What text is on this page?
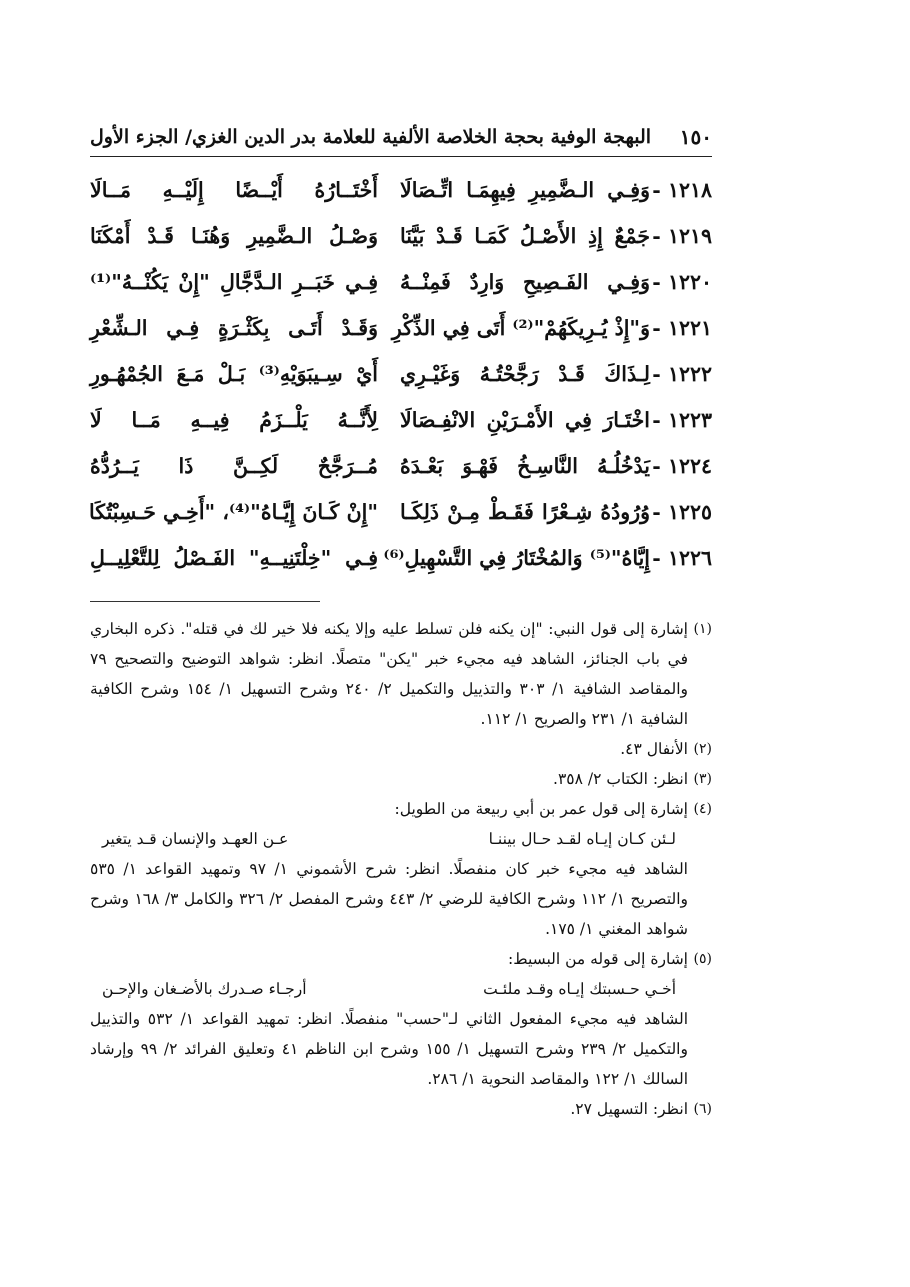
١٥٠
البهجة الوفية بحجة الخلاصة الألفية للعلامة بدر الدين الغزي/ الجزء الأول
١٢١٨ -
وَفِـي الـضَّمِيرِ فِيهِمَـا اتِّـصَالَا
أَخْتَــارُهُ أَيْــضًا إِلَيْــهِ مَــالَا
١٢١٩ -
جَمْعٌ إِذِ الأَصْـلُ كَمَـا قَـدْ بَيَّنَا
وَصْـلُ الـضَّمِيرِ وَهُنَـا قَـدْ أَمْكَنَا
١٢٢٠ -
وَفِـي الفَـصِيحِ وَارِدٌ فَمِنْــهُ
فِـي خَبَــرِ الـدَّجَّالِ "إِنْ يَكُنْــهُ"⁽¹⁾
١٢٢١ -
وَ"إِذْ يُـرِيكَهُمْ"⁽²⁾ أَتَى فِي الذِّكْرِ
وَقَـدْ أَتَـى بِكَثْـرَةٍ فِـي الـشِّعْرِ
١٢٢٢ -
لِـذَاكَ قَـدْ رَجَّحْتُـهُ وَغَيْـرِي
أَيْ سِـيبَوَيْهِ⁽³⁾ بَـلْ مَـعَ الجُمْهُـورِ
١٢٢٣ -
اخْتَـارَ فِي الأَمْـرَيْنِ الانْفِـصَالَا
لِأَنَّــهُ يَلْــزَمُ فِيــهِ مَــا لَا
١٢٢٤ -
يَدْخُلُـهُ النَّاسِـخُ فَهْـوَ بَعْـدَهُ
مُــرَجَّحٌ لَكِــنَّ ذَا يَــرُدُّهُ
١٢٢٥ -
وُرُودُهُ شِـعْرًا فَقَـطْ مِـنْ ذَلِكَـا
"إِنْ كَـانَ إِيَّـاهُ"⁽⁴⁾، "أَخِـي حَـسِبْتُكَا
١٢٢٦ -
إِيَّاهُ"⁽⁵⁾ وَالمُخْتَارُ فِي التَّسْهِيلِ⁽⁶⁾
فِـي "خِلْتَنِيــهِ" الفَـصْلُ لِلتَّعْلِيــلِ
(١)
إشارة إلى قول النبي: "إن يكنه فلن تسلط عليه وإلا يكنه فلا خير لك في قتله". ذكره البخاري في باب الجنائز، الشاهد فيه مجيء خبر "يكن" متصلًا. انظر: شواهد التوضيح والتصحيح ٧٩ والمقاصد الشافية ١/ ٣٠٣ والتذييل والتكميل ٢/ ٢٤٠ وشرح التسهيل ١/ ١٥٤ وشرح الكافية الشافية ١/ ٢٣١ والصريح ١/ ١١٢.
(٢)
الأنفال ٤٣.
(٣)
انظر: الكتاب ٢/ ٣٥٨.
(٤)
إشارة إلى قول عمر بن أبي ربيعة من الطويل:
لـئن كـان إيـاه لقـد حـال بيننـا
عـن العهـد والإنسان قـد يتغير
الشاهد فيه مجيء خبر كان منفصلًا. انظر: شرح الأشموني ١/ ٩٧ وتمهيد القواعد ١/ ٥٣٥ والتصريح ١/ ١١٢ وشرح الكافية للرضي ٢/ ٤٤٣ وشرح المفصل ٢/ ٣٢٦ والكامل ٣/ ١٦٨ وشرح شواهد المغني ١/ ١٧٥.
(٥)
إشارة إلى قوله من البسيط:
أخـي حـسبتك إيـاه وقـد ملئـت
أرجـاء صـدرك بالأضـغان والإحـن
الشاهد فيه مجيء المفعول الثاني لـ"حسب" منفصلًا. انظر: تمهيد القواعد ١/ ٥٣٢ والتذييل والتكميل ٢/ ٢٣٩ وشرح التسهيل ١/ ١٥٥ وشرح ابن الناظم ٤١ وتعليق الفرائد ٢/ ٩٩ وإرشاد السالك ١/ ١٢٢ والمقاصد النحوية ١/ ٢٨٦.
(٦)
انظر: التسهيل ٢٧.
